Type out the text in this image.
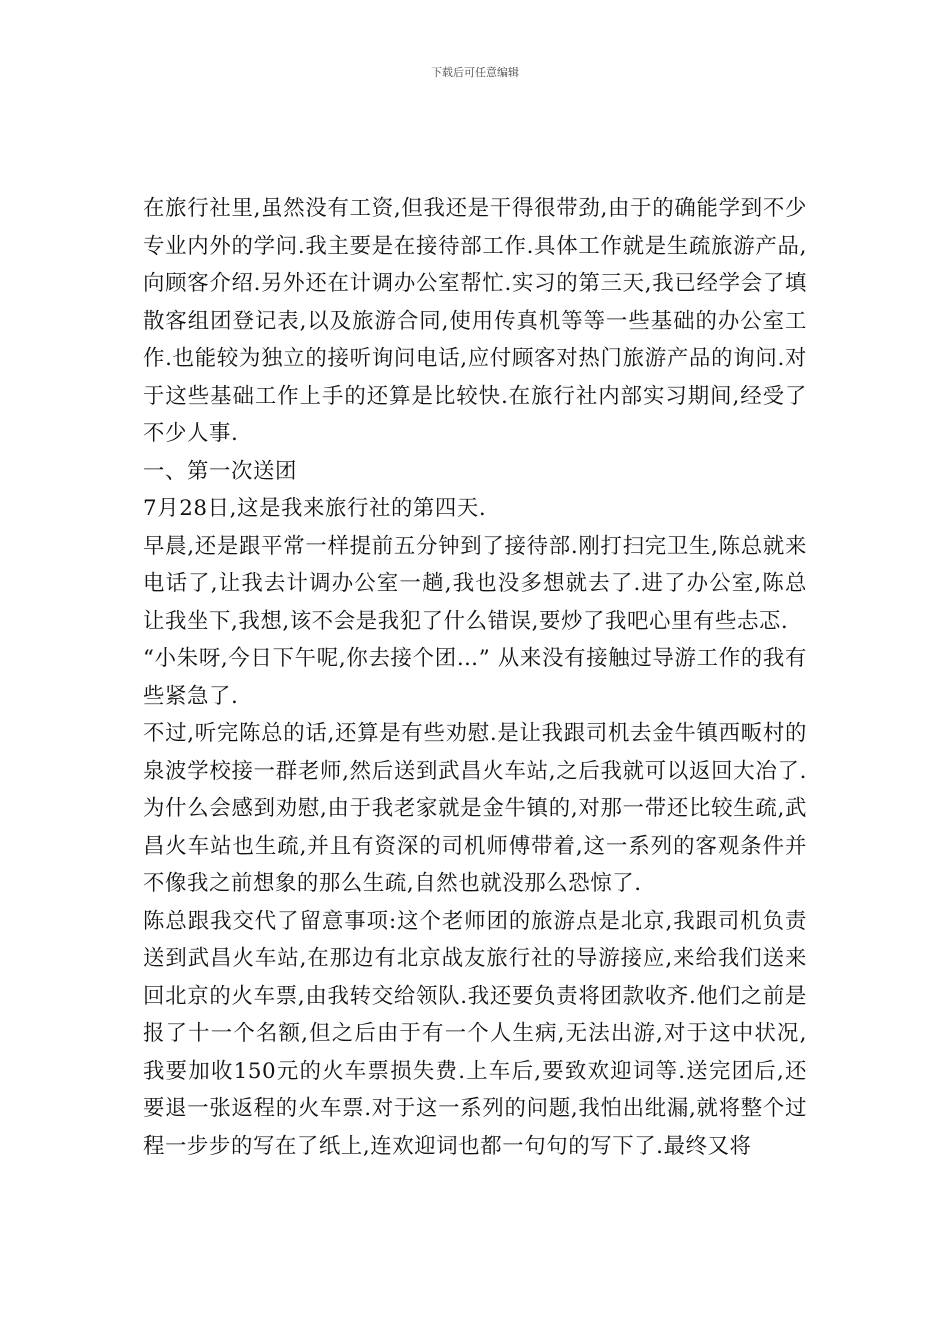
下载后可任意编辑

在旅行社里,虽然没有工资,但我还是干得很带劲,由于的确能学到不少专业内外的学问.我主要是在接待部工作.具体工作就是生疏旅游产品,向顾客介绍.另外还在计调办公室帮忙.实习的第三天,我已经学会了填散客组团登记表,以及旅游合同,使用传真机等等一些基础的办公室工作.也能较为独立的接听询问电话,应付顾客对热门旅游产品的询问.对于这些基础工作上手的还算是比较快.在旅行社内部实习期间,经受了不少人事.

一、第一次送团

7月28日,这是我来旅行社的第四天.

早晨,还是跟平常一样提前五分钟到了接待部.刚打扫完卫生,陈总就来电话了,让我去计调办公室一趟,我也没多想就去了.进了办公室,陈总让我坐下,我想,该不会是我犯了什么错误,要炒了我吧心里有些忐忑.

“小朱呀,今日下午呢,你去接个团…” 从来没有接触过导游工作的我有些紧急了.

不过,听完陈总的话,还算是有些劝慰.是让我跟司机去金牛镇西畈村的泉波学校接一群老师,然后送到武昌火车站,之后我就可以返回大冶了.为什么会感到劝慰,由于我老家就是金牛镇的,对那一带还比较生疏,武昌火车站也生疏,并且有资深的司机师傅带着,这一系列的客观条件并不像我之前想象的那么生疏,自然也就没那么恐惊了.

陈总跟我交代了留意事项:这个老师团的旅游点是北京,我跟司机负责送到武昌火车站,在那边有北京战友旅行社的导游接应,来给我们送来回北京的火车票,由我转交给领队.我还要负责将团款收齐.他们之前是报了十一个名额,但之后由于有一个人生病,无法出游,对于这中状况,我要加收150元的火车票损失费.上车后,要致欢迎词等.送完团后,还要退一张返程的火车票.对于这一系列的问题,我怕出纰漏,就将整个过程一步步的写在了纸上,连欢迎词也都一句句的写下了.最终又将
